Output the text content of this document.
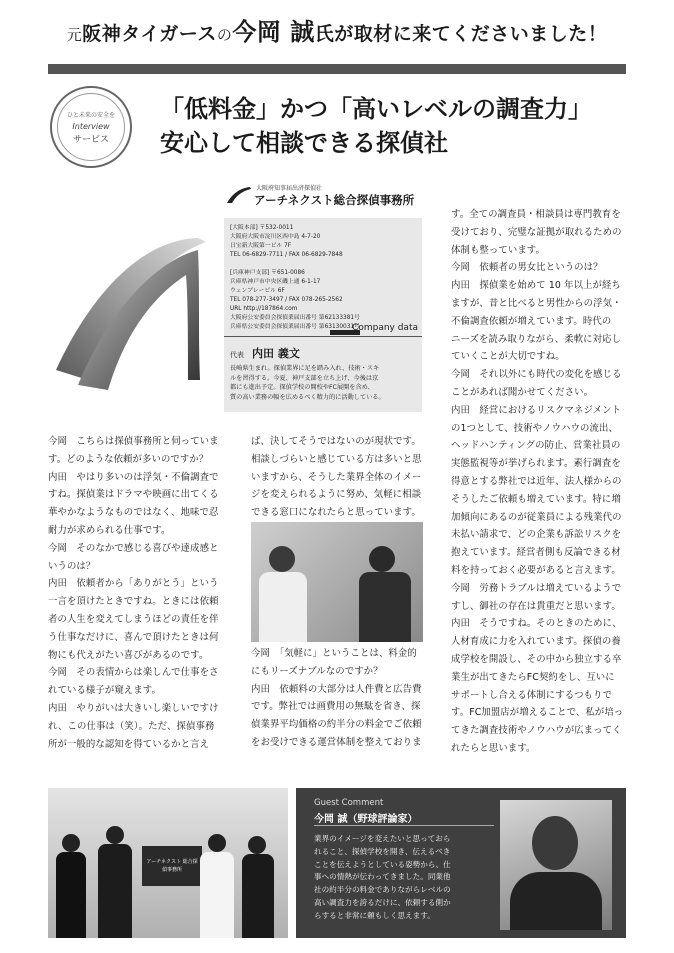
元阪神タイガースの今岡 誠氏が取材に来てくださいました！
ひと未来の安全を
Interview
サービス
「低料金」かつ「高いレベルの調査力」
安心して相談できる探偵社
大阪府知事届出済探偵社
アーチネクスト総合探偵事務所
[大阪本部] 〒532-0011
大阪府大阪市淀川区西中島 4-7-20
日宝新大阪第一ビル 7F
TEL 06-6829-7711 / FAX 06-6829-7848

[兵庫神戸支部] 〒651-0086
兵庫県神戸市中央区磯上通 6-1-17
ウェンブレービル 6F
TEL 078-277-3497 / FAX 078-265-2562
URL http://187864.com
大阪府公安委員会探偵業届出番号 第62133381号
兵庫県公安委員会探偵業届出番号 第63130031号
Company data
代表 内田 義文
長崎県生まれ。探偵業界に足を踏み入れ、技術・スキ
ルを習得する。今夏、神戸支部を立ち上げ、今後は京
都にも進出予定。探偵学校の開校やFC展開を含め、
質の高い業務の幅を広めるべく精力的に活動している。
今岡　こちらは探偵事務所と伺っていま
す。どのような依頼が多いのですか？
内田　やはり多いのは浮気・不倫調査で
すね。探偵業はドラマや映画に出てくる
華やかなようなものではなく、地味で忍
耐力が求められる仕事です。
今岡　そのなかで感じる喜びや達成感と
いうのは？
内田　依頼者から「ありがとう」という
一言を頂けたときですね。ときには依頼
者の人生を変えてしまうほどの責任を伴
う仕事なだけに、喜んで頂けたときは何
物にも代えがたい喜びがあるのです。
今岡　その表情からは楽しんで仕事をさ
れている様子が窺えます。
内田　やりがいは大きいし楽しいですけ
れ、この仕事は（笑）。ただ、探偵事務
所が一般的な認知を得ているかと言え
ば、決してそうではないのが現状です。
相談しづらいと感じている方は多いと思
いますから、そうした業界全体のイメー
ジを変えられるように努め、気軽に相談
できる窓口になれたらと思っています。
今岡　「気軽に」ということは、料金的
にもリーズナブルなのですか？
内田　依頼料の大部分は人件費と広告費
です。弊社では画費用の無駄を省き、探
偵業界平均価格の約半分の料金でご依頼
をお受けできる運営体制を整えておりま
す。全ての調査員・相談員は専門教育を
受けており、完璧な証拠が取れるための
体制も整っています。
今岡　依頼者の男女比というのは？
内田　探偵業を始めて 10 年以上が経ち
ますが、昔と比べると男性からの浮気・
不倫調査依頼が増えています。時代の
ニーズを読み取りながら、柔軟に対応し
ていくことが大切ですね。
今岡　それ以外にも時代の変化を感じる
ことがあれば聞かせてください。
内田　経営におけるリスクマネジメント
の1つとして、技術やノウハウの流出、
ヘッドハンティングの防止、営業社員の
実態監視等が挙げられます。素行調査を
得意とする弊社では近年、法人様からの
そうしたご依頼も増えています。特に増
加傾向にあるのが従業員による残業代の
未払い請求で、どの企業も訴訟リスクを
抱えています。経営者側も反論できる材
料を持っておく必要があると言えます。
今岡　労務トラブルは増えているようで
すし、御社の存在は貴重だと思います。
内田　そうですね。そのときのために、
人材育成に力を入れています。探偵の養
成学校を開設し、その中から独立する卒
業生が出てきたらFC契約をし、互いに
サポートし合える体制にするつもりで
す。FC加盟店が増えることで、私が培っ
てきた調査技術やノウハウが広まってく
れたらと思います。
アーチネクスト 総合探偵事務所
Guest Comment
今岡 誠（野球評論家）
業界のイメージを変えたいと思っておら
れること、探偵学校を開き、伝えるべき
ことを伝えようとしている姿勢から、仕
事への情熱が伝わってきました。同業他
社の約半分の料金でありながらレベルの
高い調査力を誇るだけに、依頼する側か
らすると非常に頼もしく思えます。
